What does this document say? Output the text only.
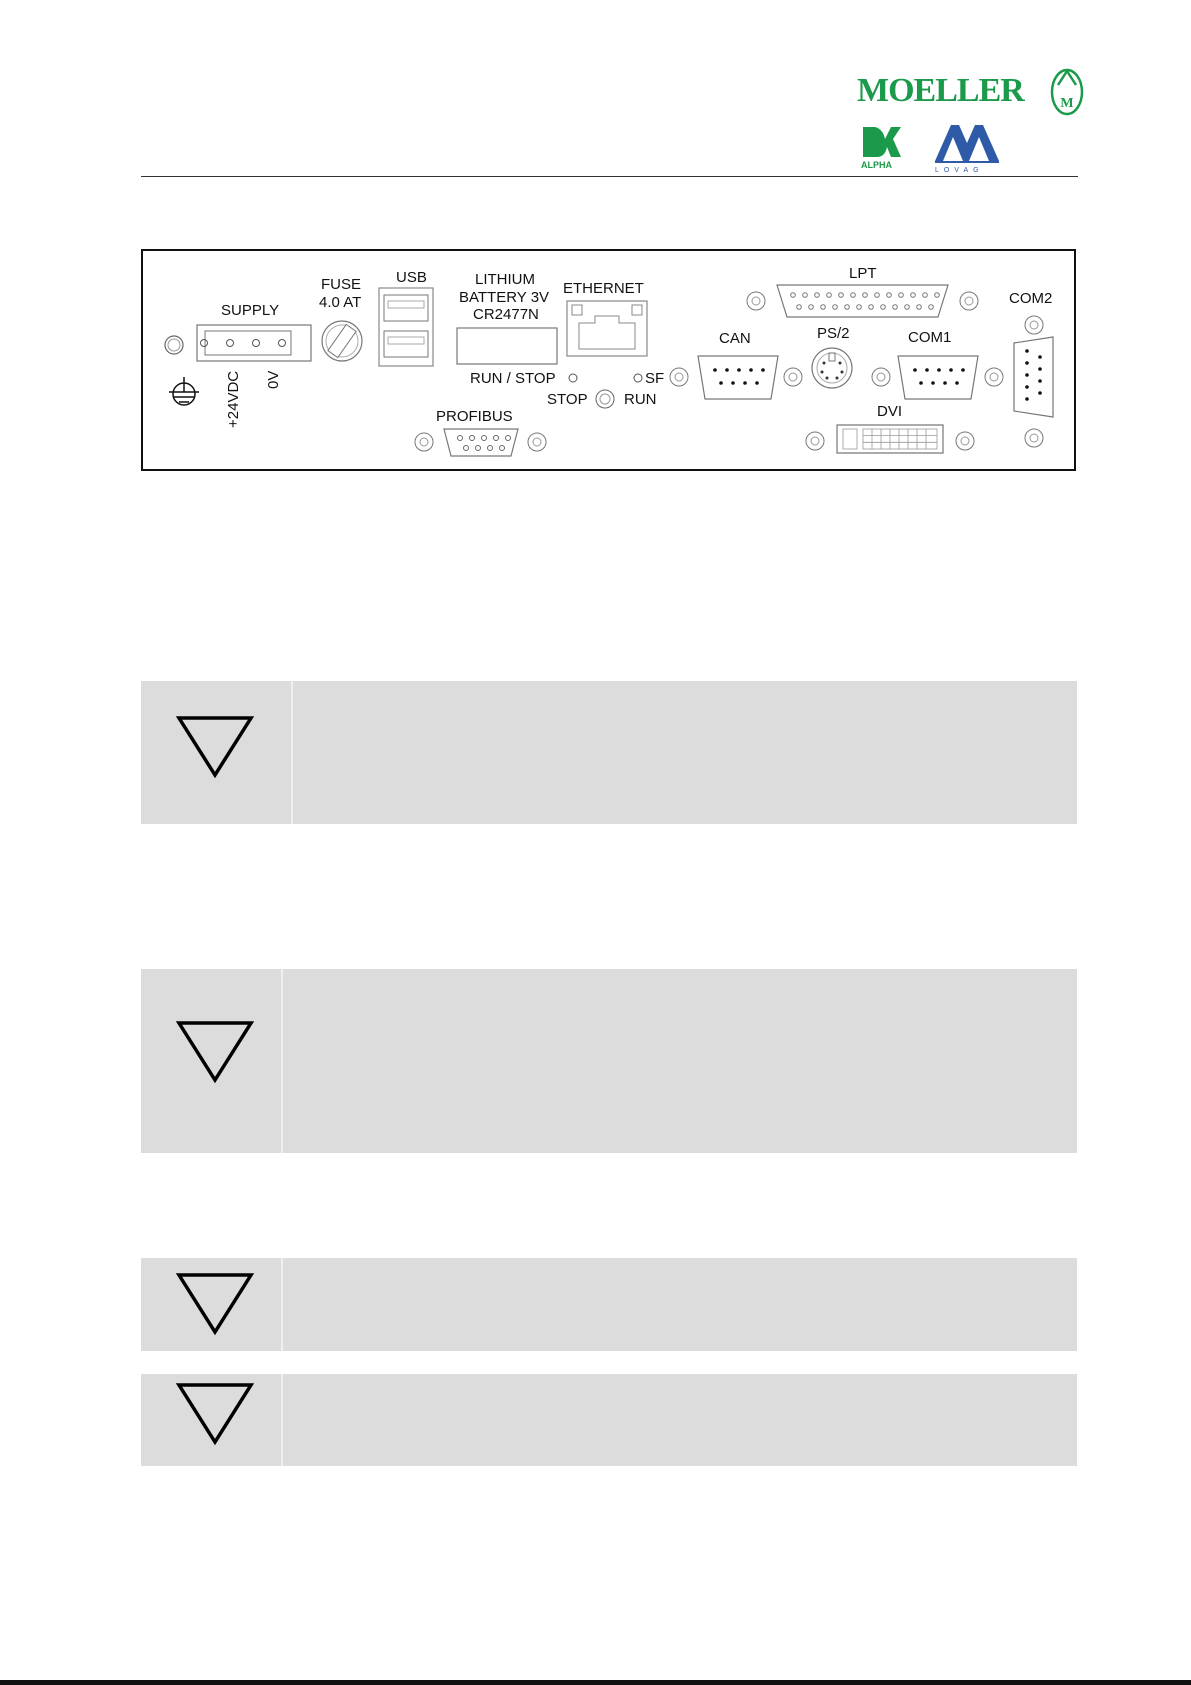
MOELLER	M
ALPHA
LOVAG
SUPPLY
+24VDC 0V
FUSE
4.0 AT
USB	LITHIUM
BATTERY 3V
CR2477N
ETHERNET
RUN / STOP	SF
STOP RUN
PROFIBUS
CAN
LPT
PS/2	COM1
DVI
COM2
